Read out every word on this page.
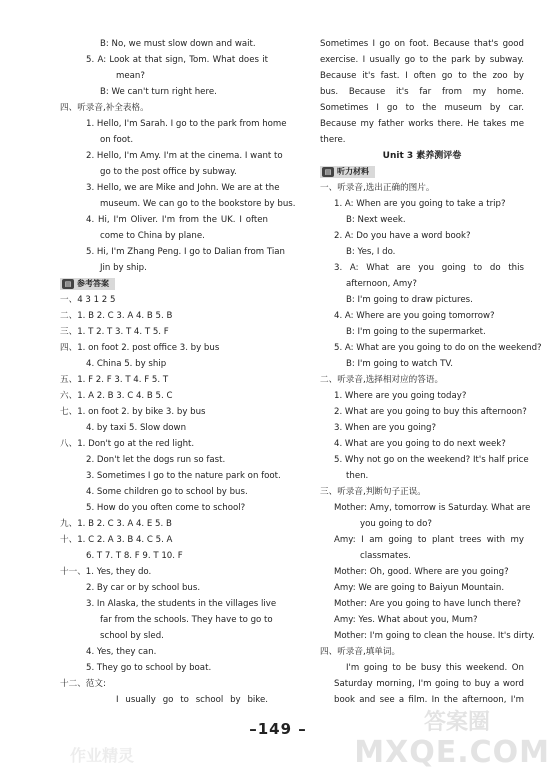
B: No, we must slow down and wait.
5. A: Look at that sign, Tom. What does it
mean?
B: We can't turn right here.
四、听录音,补全表格。
1. Hello, I'm Sarah. I go to the park from home
on foot.
2. Hello, I'm Amy. I'm at the cinema. I want to
go to the post office by subway.
3. Hello, we are Mike and John. We are at the
museum. We can go to the bookstore by bus.
4. Hi, I'm Oliver. I'm from the UK. I often
come to China by plane.
5. Hi, I'm Zhang Peng. I go to Dalian from Tian
Jin by ship.
▤ 参考答案
一、4 3 1 2 5
二、1. B 2. C 3. A 4. B 5. B
三、1. T 2. T 3. T 4. T 5. F
四、1. on foot 2. post office 3. by bus
4. China 5. by ship
五、1. F 2. F 3. T 4. F 5. T
六、1. A 2. B 3. C 4. B 5. C
七、1. on foot 2. by bike 3. by bus
4. by taxi 5. Slow down
八、1. Don't go at the red light.
2. Don't let the dogs run so fast.
3. Sometimes I go to the nature park on foot.
4. Some children go to school by bus.
5. How do you often come to school?
九、1. B 2. C 3. A 4. E 5. B
十、1. C 2. A 3. B 4. C 5. A
6. T 7. T 8. F 9. T 10. F
十一、1. Yes, they do.
2. By car or by school bus.
3. In Alaska, the students in the villages live
far from the schools. They have to go to
school by sled.
4. Yes, they can.
5. They go to school by boat.
十二、范文:
I usually go to school by bike.
Sometimes I go on foot. Because that's good
exercise. I usually go to the park by subway.
Because it's fast. I often go to the zoo by
bus. Because it's far from my home.
Sometimes I go to the museum by car.
Because my father works there. He takes me
there.
Unit 3 素养测评卷
▤ 听力材料
一、听录音,选出正确的图片。
1. A: When are you going to take a trip?
B: Next week.
2. A: Do you have a word book?
B: Yes, I do.
3. A: What are you going to do this
afternoon, Amy?
B: I'm going to draw pictures.
4. A: Where are you going tomorrow?
B: I'm going to the supermarket.
5. A: What are you going to do on the weekend?
B: I'm going to watch TV.
二、听录音,选择相对应的答语。
1. Where are you going today?
2. What are you going to buy this afternoon?
3. When are you going?
4. What are you going to do next week?
5. Why not go on the weekend? It's half price
then.
三、听录音,判断句子正误。
Mother: Amy, tomorrow is Saturday. What are
you going to do?
Amy: I am going to plant trees with my
classmates.
Mother: Oh, good. Where are you going?
Amy: We are going to Baiyun Mountain.
Mother: Are you going to have lunch there?
Amy: Yes. What about you, Mum?
Mother: I'm going to clean the house. It's dirty.
四、听录音,填单词。
I'm going to be busy this weekend. On
Saturday morning, I'm going to buy a word
book and see a film. In the afternoon, I'm
–149 –
作业精灵
答案圈
MXQE.COM
